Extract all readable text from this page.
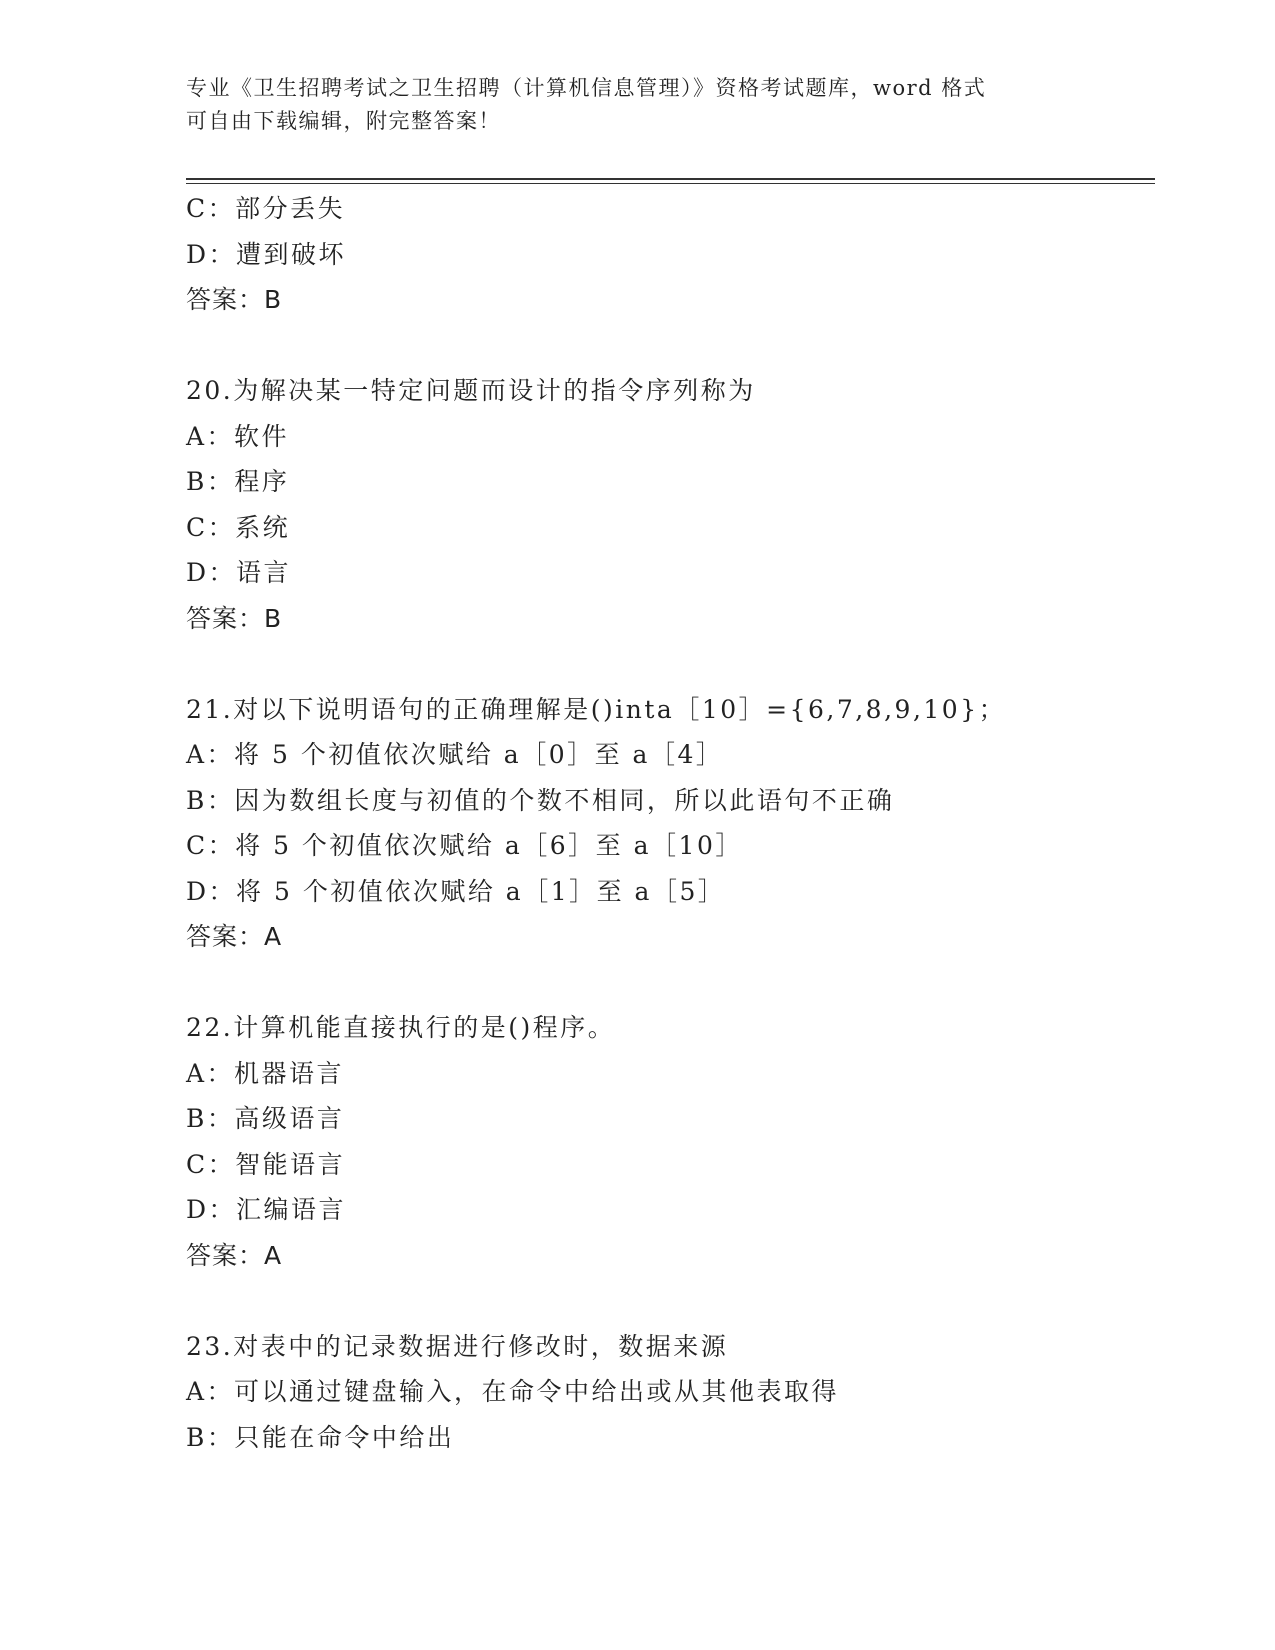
专业《卫生招聘考试之卫生招聘（计算机信息管理）》资格考试题库，word 格式
可自由下载编辑，附完整答案！
C：部分丢失
D：遭到破坏
答案：B
20.为解决某一特定问题而设计的指令序列称为
A：软件
B：程序
C：系统
D：语言
答案：B
21.对以下说明语句的正确理解是()inta［10］={6,7,8,9,10}；
A：将 5 个初值依次赋给 a［0］至 a［4］
B：因为数组长度与初值的个数不相同，所以此语句不正确
C：将 5 个初值依次赋给 a［6］至 a［10］
D：将 5 个初值依次赋给 a［1］至 a［5］
答案：A
22.计算机能直接执行的是()程序。
A：机器语言
B：高级语言
C：智能语言
D：汇编语言
答案：A
23.对表中的记录数据进行修改时，数据来源
A：可以通过键盘输入，在命令中给出或从其他表取得
B：只能在命令中给出
